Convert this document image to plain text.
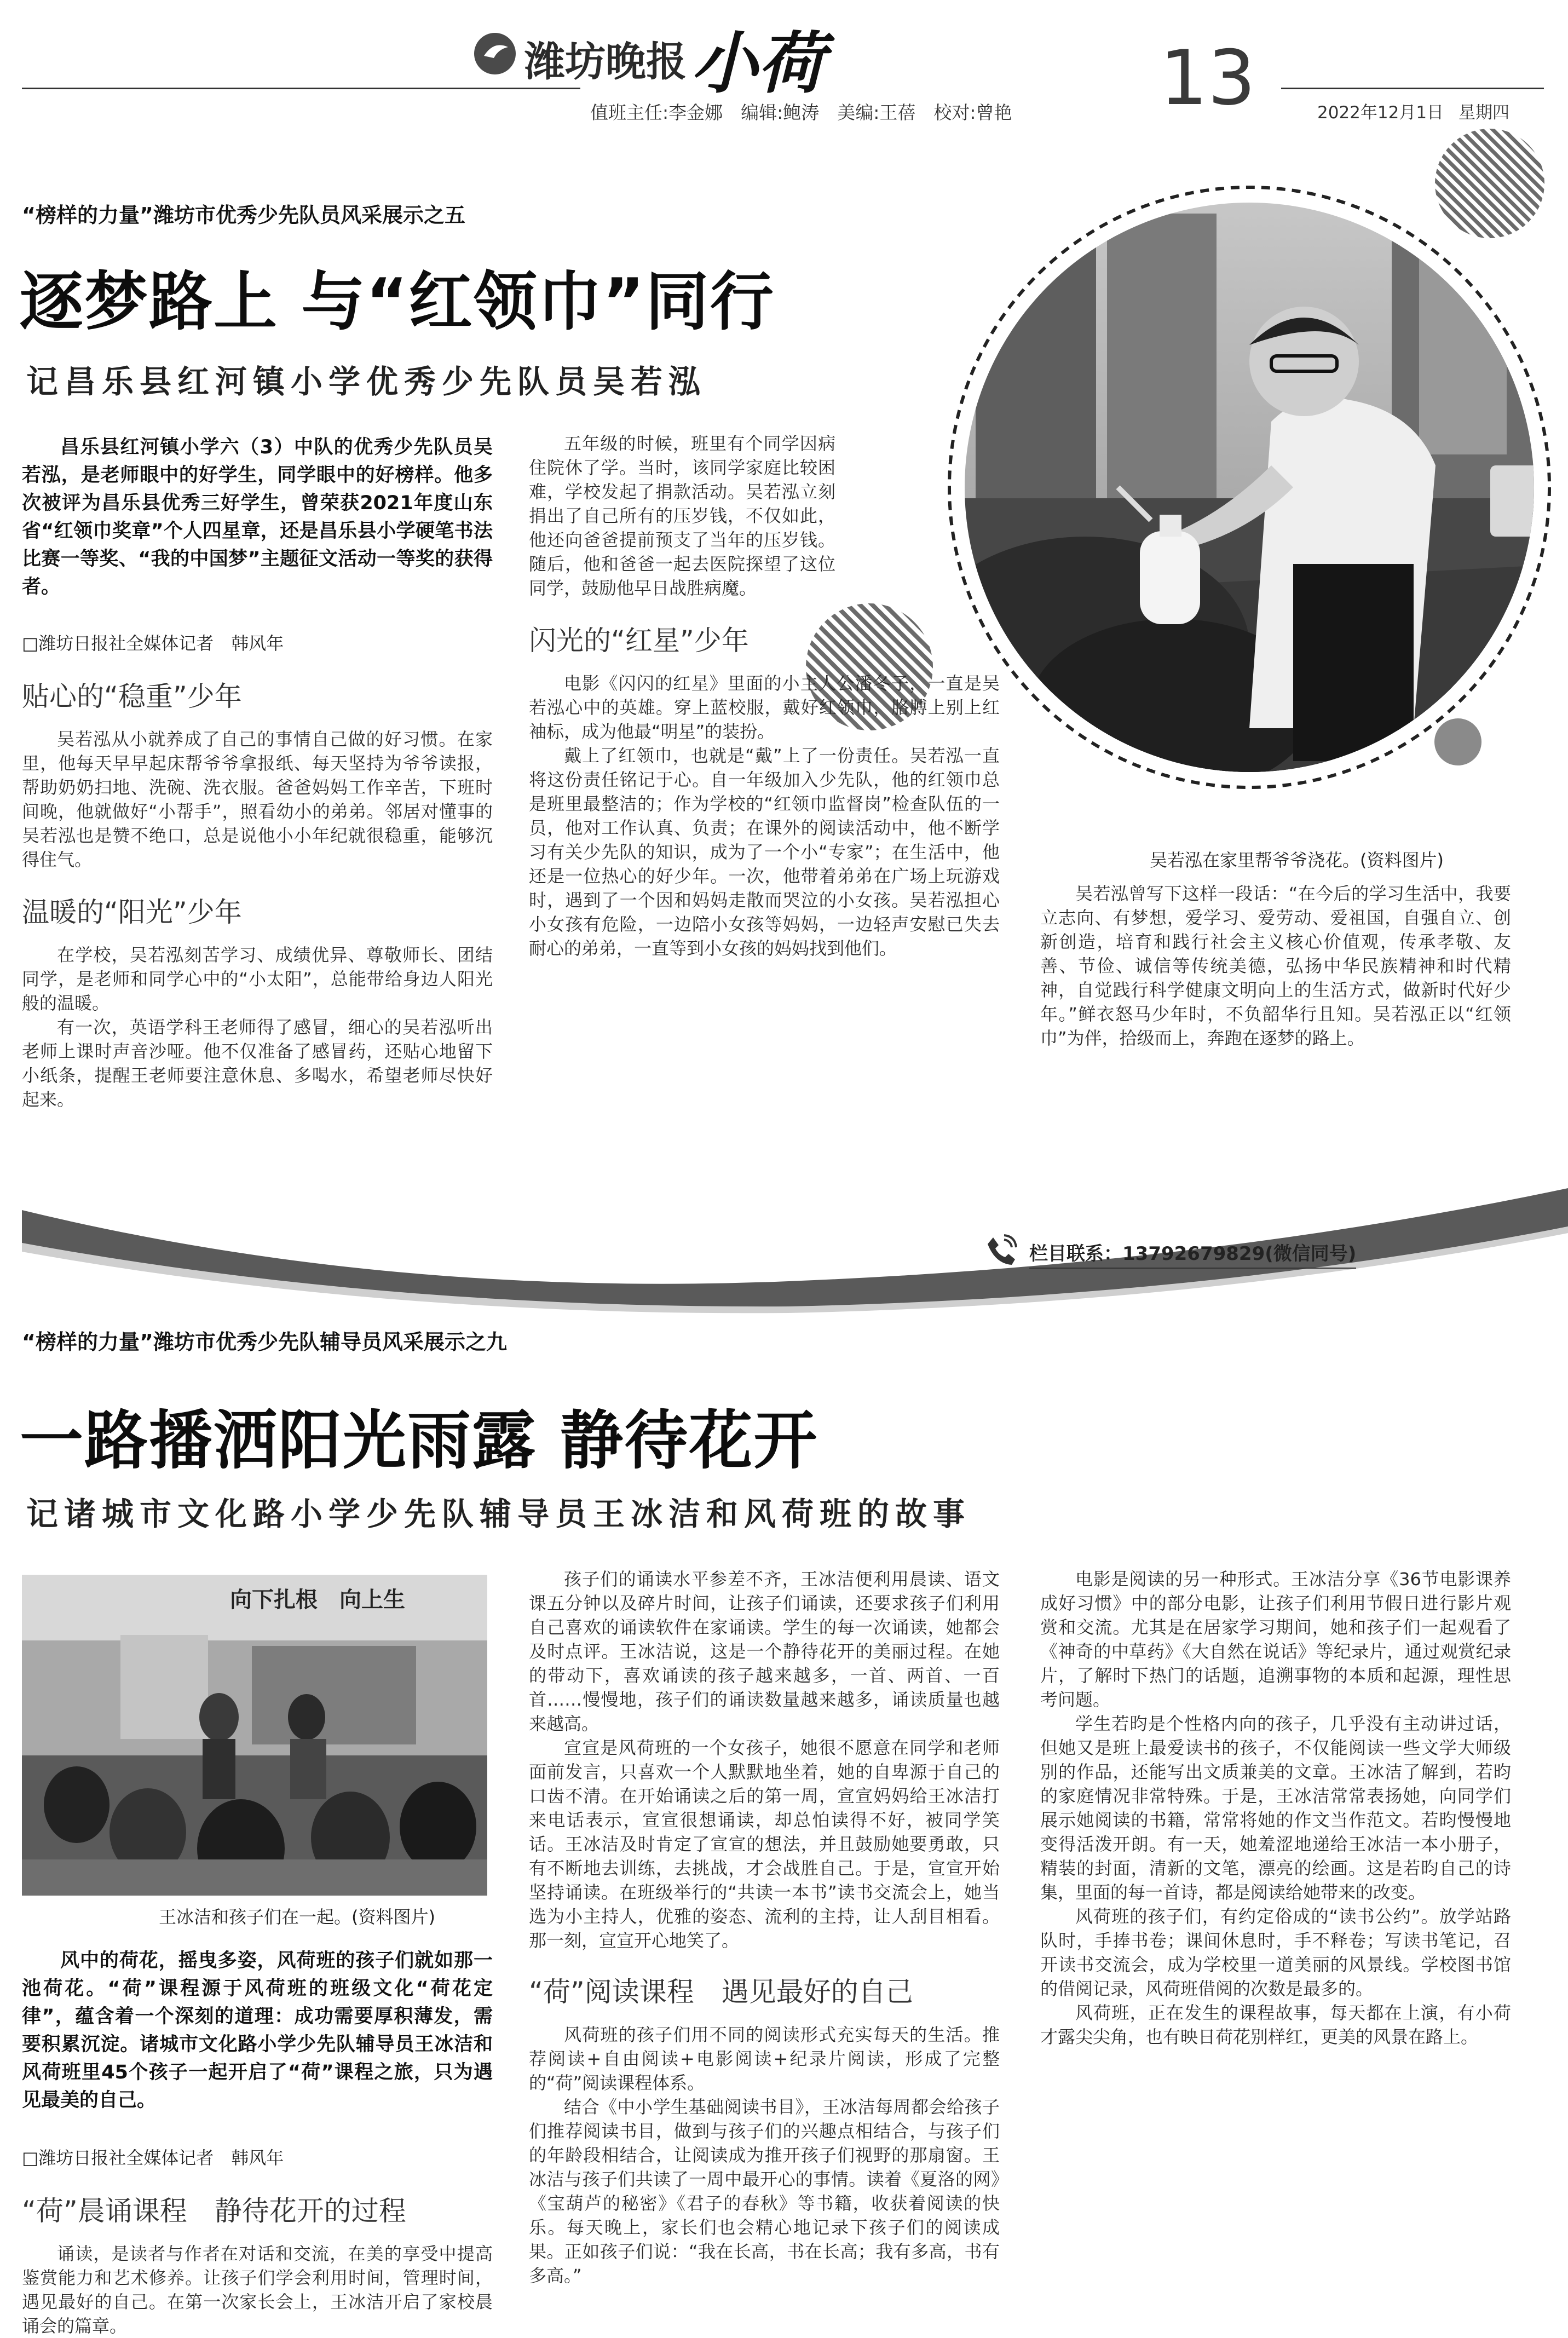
潍坊晚报 小荷	13
值班主任:李金娜　编辑:鲍涛　美编:王蓓　校对:曾艳	2022年12月1日 星期四
“榜样的力量”潍坊市优秀少先队员风采展示之五
逐梦路上 与“红领巾”同行
记昌乐县红河镇小学优秀少先队员吴若泓
吴若泓在家里帮爷爷浇花。(资料图片)

昌乐县红河镇小学六（3）中队的优秀少先队员吴若泓，是老师眼中的好学生，同学眼中的好榜样。他多次被评为昌乐县优秀三好学生，曾荣获2021年度山东省“红领巾奖章”个人四星章，还是昌乐县小学硬笔书法比赛一等奖、“我的中国梦”主题征文活动一等奖的获得者。

□潍坊日报社全媒体记者　韩风年
贴心的“稳重”少年

吴若泓从小就养成了自己的事情自己做的好习惯。在家里，他每天早早起床帮爷爷拿报纸、每天坚持为爷爷读报，帮助奶奶扫地、洗碗、洗衣服。爸爸妈妈工作辛苦，下班时间晚，他就做好“小帮手”，照看幼小的弟弟。邻居对懂事的吴若泓也是赞不绝口，总是说他小小年纪就很稳重，能够沉得住气。

温暖的“阳光”少年

在学校，吴若泓刻苦学习、成绩优异、尊敬师长、团结同学，是老师和同学心中的“小太阳”，总能带给身边人阳光般的温暖。

有一次，英语学科王老师得了感冒，细心的吴若泓听出老师上课时声音沙哑。他不仅准备了感冒药，还贴心地留下小纸条，提醒王老师要注意休息、多喝水，希望老师尽快好起来。

五年级的时候，班里有个同学因病住院休了学。当时，该同学家庭比较困难，学校发起了捐款活动。吴若泓立刻捐出了自己所有的压岁钱，不仅如此，他还向爸爸提前预支了当年的压岁钱。随后，他和爸爸一起去医院探望了这位同学，鼓励他早日战胜病魔。

闪光的“红星”少年

电影《闪闪的红星》里面的小主人公潘冬子，一直是吴若泓心中的英雄。穿上蓝校服，戴好红领巾，胳膊上别上红袖标，成为他最“明星”的装扮。

戴上了红领巾，也就是“戴”上了一份责任。吴若泓一直将这份责任铭记于心。自一年级加入少先队，他的红领巾总是班里最整洁的；作为学校的“红领巾监督岗”检查队伍的一员，他对工作认真、负责；在课外的阅读活动中，他不断学习有关少先队的知识，成为了一个小“专家”；在生活中，他还是一位热心的好少年。一次，他带着弟弟在广场上玩游戏时，遇到了一个因和妈妈走散而哭泣的小女孩。吴若泓担心小女孩有危险，一边陪小女孩等妈妈，一边轻声安慰已失去耐心的弟弟，一直等到小女孩的妈妈找到他们。

吴若泓曾写下这样一段话：“在今后的学习生活中，我要立志向、有梦想，爱学习、爱劳动、爱祖国，自强自立、创新创造，培育和践行社会主义核心价值观，传承孝敬、友善、节俭、诚信等传统美德，弘扬中华民族精神和时代精神，自觉践行科学健康文明向上的生活方式，做新时代好少年。”鲜衣怒马少年时，不负韶华行且知。吴若泓正以“红领巾”为伴，拾级而上，奔跑在逐梦的路上。

栏目联系：13792679829(微信同号)
“榜样的力量”潍坊市优秀少先队辅导员风采展示之九
一路播洒阳光雨露 静待花开
记诸城市文化路小学少先队辅导员王冰洁和风荷班的故事
向下扎根　向上生
王冰洁和孩子们在一起。(资料图片)

风中的荷花，摇曳多姿，风荷班的孩子们就如那一池荷花。“荷”课程源于风荷班的班级文化“荷花定律”，蕴含着一个深刻的道理：成功需要厚积薄发，需要积累沉淀。诸城市文化路小学少先队辅导员王冰洁和风荷班里45个孩子一起开启了“荷”课程之旅，只为遇见最美的自己。

□潍坊日报社全媒体记者　韩风年
“荷”晨诵课程　静待花开的过程

诵读，是读者与作者在对话和交流，在美的享受中提高鉴赏能力和艺术修养。让孩子们学会利用时间，管理时间，遇见最好的自己。在第一次家长会上，王冰洁开启了家校晨诵会的篇章。

孩子们的诵读水平参差不齐，王冰洁便利用晨读、语文课五分钟以及碎片时间，让孩子们诵读，还要求孩子们利用自己喜欢的诵读软件在家诵读。学生的每一次诵读，她都会及时点评。王冰洁说，这是一个静待花开的美丽过程。在她的带动下，喜欢诵读的孩子越来越多，一首、两首、一百首……慢慢地，孩子们的诵读数量越来越多，诵读质量也越来越高。

宣宣是风荷班的一个女孩子，她很不愿意在同学和老师面前发言，只喜欢一个人默默地坐着，她的自卑源于自己的口齿不清。在开始诵读之后的第一周，宣宣妈妈给王冰洁打来电话表示，宣宣很想诵读，却总怕读得不好，被同学笑话。王冰洁及时肯定了宣宣的想法，并且鼓励她要勇敢，只有不断地去训练，去挑战，才会战胜自己。于是，宣宣开始坚持诵读。在班级举行的“共读一本书”读书交流会上，她当选为小主持人，优雅的姿态、流利的主持，让人刮目相看。那一刻，宣宣开心地笑了。

“荷”阅读课程　遇见最好的自己

风荷班的孩子们用不同的阅读形式充实每天的生活。推荐阅读+自由阅读+电影阅读+纪录片阅读，形成了完整的“荷”阅读课程体系。

结合《中小学生基础阅读书目》，王冰洁每周都会给孩子们推荐阅读书目，做到与孩子们的兴趣点相结合，与孩子们的年龄段相结合，让阅读成为推开孩子们视野的那扇窗。王冰洁与孩子们共读了一周中最开心的事情。读着《夏洛的网》《宝葫芦的秘密》《君子的春秋》等书籍，收获着阅读的快乐。每天晚上，家长们也会精心地记录下孩子们的阅读成果。正如孩子们说：“我在长高，书在长高；我有多高，书有多高。”

电影是阅读的另一种形式。王冰洁分享《36节电影课养成好习惯》中的部分电影，让孩子们利用节假日进行影片观赏和交流。尤其是在居家学习期间，她和孩子们一起观看了《神奇的中草药》《大自然在说话》等纪录片，通过观赏纪录片，了解时下热门的话题，追溯事物的本质和起源，理性思考问题。

学生若昀是个性格内向的孩子，几乎没有主动讲过话，但她又是班上最爱读书的孩子，不仅能阅读一些文学大师级别的作品，还能写出文质兼美的文章。王冰洁了解到，若昀的家庭情况非常特殊。于是，王冰洁常常表扬她，向同学们展示她阅读的书籍，常常将她的作文当作范文。若昀慢慢地变得活泼开朗。有一天，她羞涩地递给王冰洁一本小册子，精装的封面，清新的文笔，漂亮的绘画。这是若昀自己的诗集，里面的每一首诗，都是阅读给她带来的改变。

风荷班的孩子们，有约定俗成的“读书公约”。放学站路队时，手捧书卷；课间休息时，手不释卷；写读书笔记，召开读书交流会，成为学校里一道美丽的风景线。学校图书馆的借阅记录，风荷班借阅的次数是最多的。

风荷班，正在发生的课程故事，每天都在上演，有小荷才露尖尖角，也有映日荷花别样红，更美的风景在路上。
